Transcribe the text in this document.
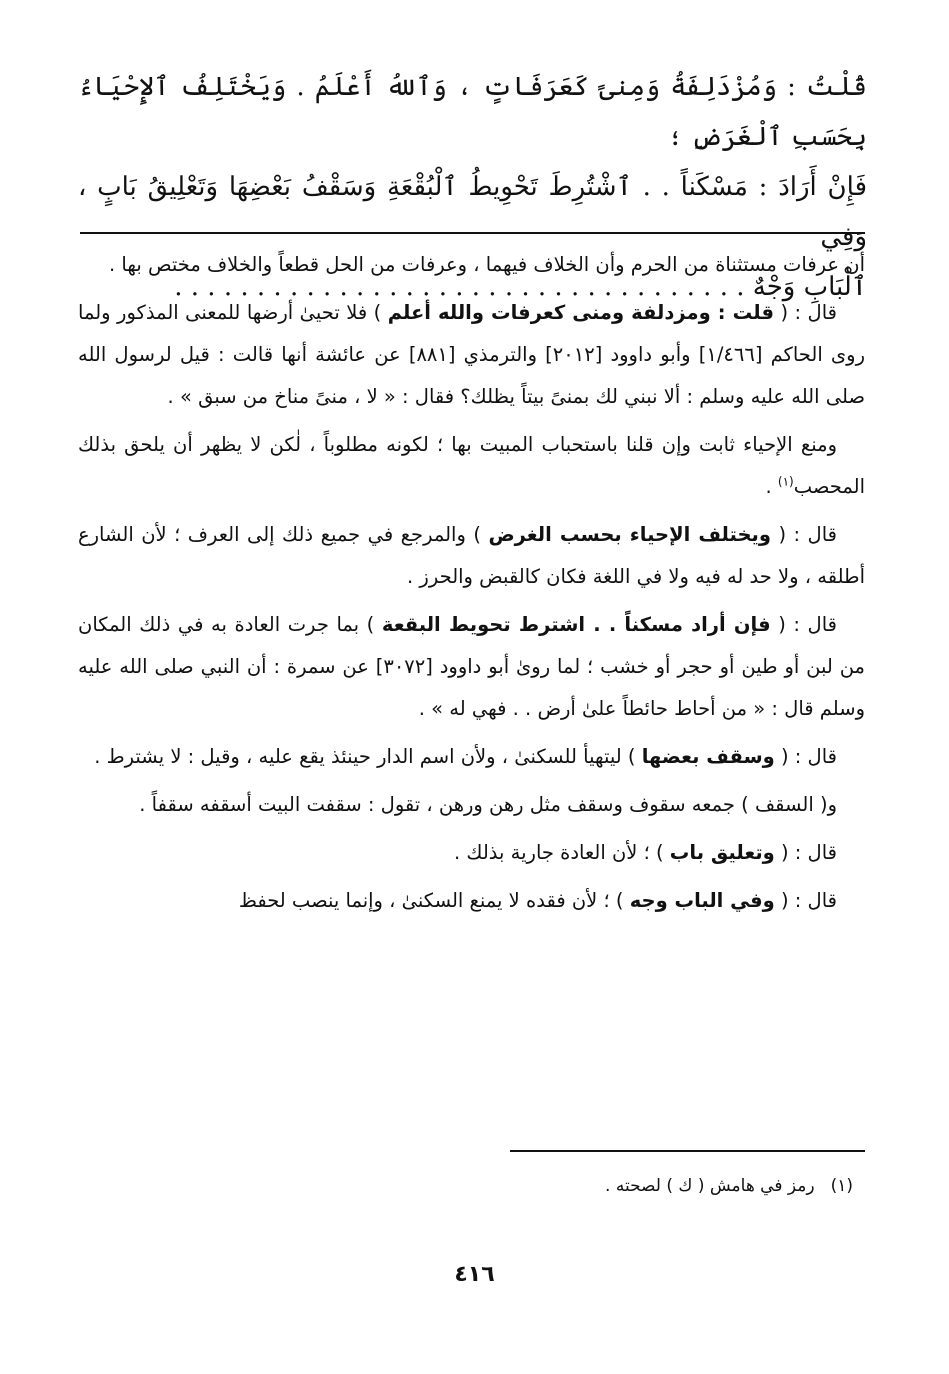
قُلْتُ : وَمُزْدَلِفَةُ وَمِنىً كَعَرَفَاتٍ ، وَٱللهُ أَعْلَمُ . وَيَخْتَلِفُ ٱلإِحْيَاءُ بِحَسَبِ ٱلْغَرَضِ ؛
فَإِنْ أَرَادَ : مَسْكَناً . . ٱشْتُرِطَ تَحْوِيطُ ٱلْبُقْعَةِ وَسَقْفُ بَعْضِهَا وَتَعْلِيقُ بَابٍ ، وَفِي
ٱلْبَابِ وَجْهٌ . . . . . . . . . . . . . . . . . . . . . . . . . . . . . . . . . . .

أن عرفات مستثناة من الحرم وأن الخلاف فيهما ، وعرفات من الحل قطعاً والخلاف مختص بها .

قال : ( قلت : ومزدلفة ومنى كعرفات والله أعلم ) فلا تحيىٰ أرضها للمعنى المذكور ولما روى الحاكم [١/٤٦٦] وأبو داوود [٢٠١٢] والترمذي [٨٨١] عن عائشة أنها قالت : قيل لرسول الله صلى الله عليه وسلم : ألا نبني لك بمنىً بيتاً يظلك؟ فقال : « لا ، منىً مناخ من سبق » .

ومنع الإحياء ثابت وإن قلنا باستحباب المبيت بها ؛ لكونه مطلوباً ، لٰكن لا يظهر أن يلحق بذلك المحصب$^{(١)}$ .

قال : ( ويختلف الإحياء بحسب الغرض ) والمرجع في جميع ذلك إلى العرف ؛ لأن الشارع أطلقه ، ولا حد له فيه ولا في اللغة فكان كالقبض والحرز .

قال : ( فإن أراد مسكناً . . اشترط تحويط البقعة ) بما جرت العادة به في ذلك المكان من لبن أو طين أو حجر أو خشب ؛ لما روىٰ أبو داوود [٣٠٧٢] عن سمرة : أن النبي صلى الله عليه وسلم قال : « من أحاط حائطاً علىٰ أرض . . فهي له » .

قال : ( وسقف بعضها ) ليتهيأ للسكنىٰ ، ولأن اسم الدار حينئذ يقع عليه ، وقيل : لا يشترط .

و( السقف ) جمعه سقوف وسقف مثل رهن ورهن ، تقول : سقفت البيت أسقفه سقفاً .

قال : ( وتعليق باب ) ؛ لأن العادة جارية بذلك .

قال : ( وفي الباب وجه ) ؛ لأن فقده لا يمنع السكنىٰ ، وإنما ينصب لحفظ

(١)رمز في هامش ( ك ) لصحته .
٤١٦
